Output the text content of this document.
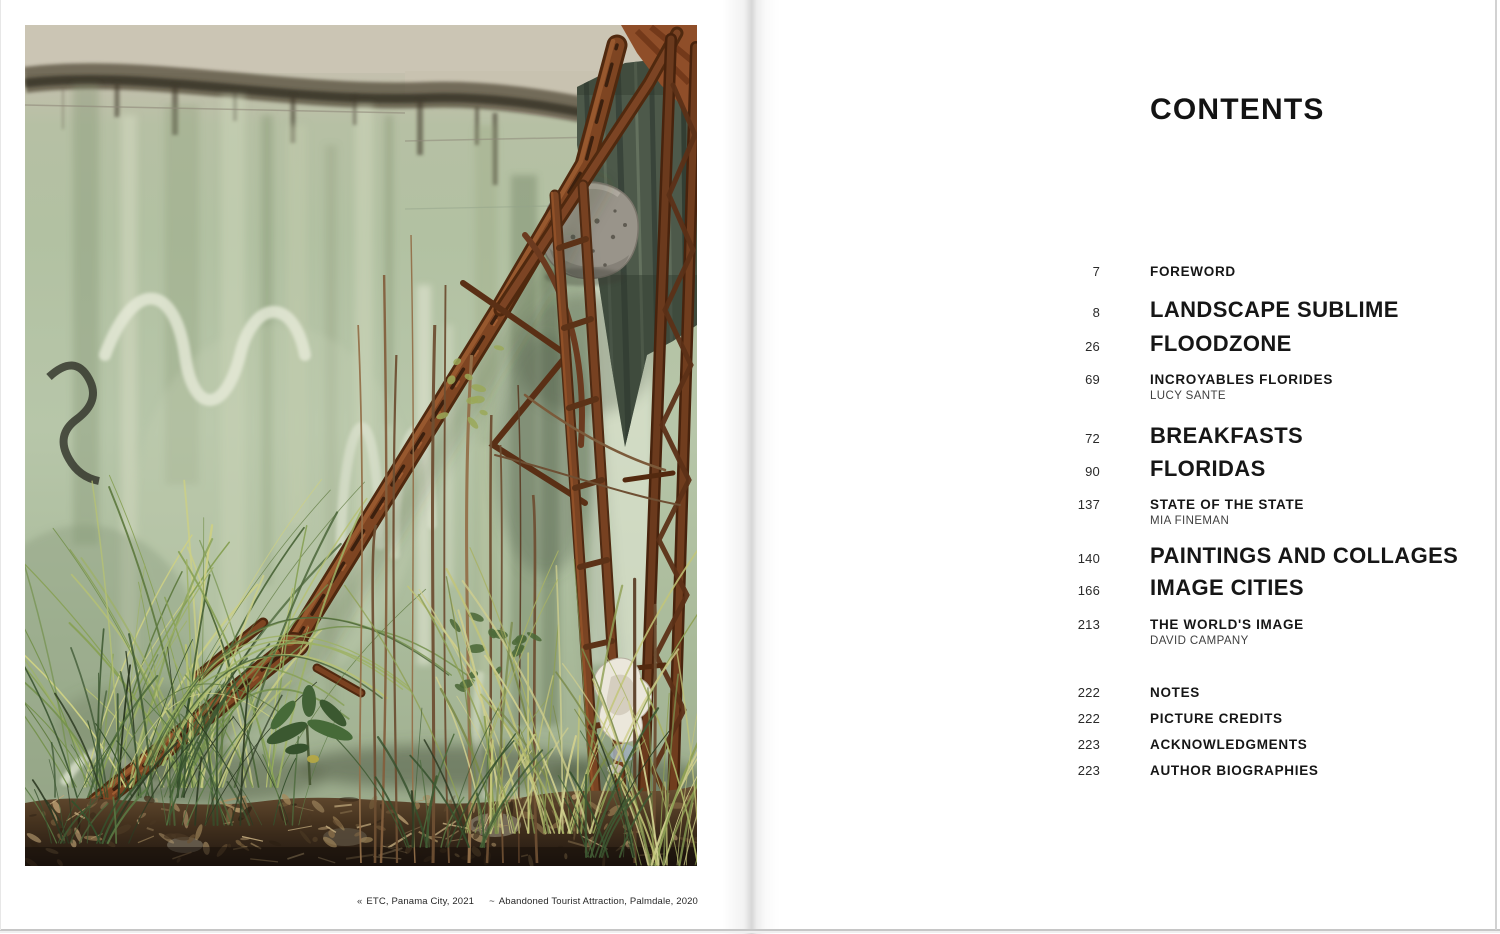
« ETC, Panama City, 2021 ~ Abandoned Tourist Attraction, Palmdale, 2020
CONTENTS
7	FOREWORD
8 LANDSCAPE SUBLIME
26 FLOODZONE
69	INCROYABLES FLORIDES
LUCY SANTE
72 BREAKFASTS
90 FLORIDAS
137	STATE OF THE STATE
MIA FINEMAN
140 PAINTINGS AND COLLAGES
166 IMAGE CITIES
213	THE WORLD'S IMAGE
DAVID CAMPANY
222	NOTES
222	PICTURE CREDITS
223	ACKNOWLEDGMENTS
223	AUTHOR BIOGRAPHIES
